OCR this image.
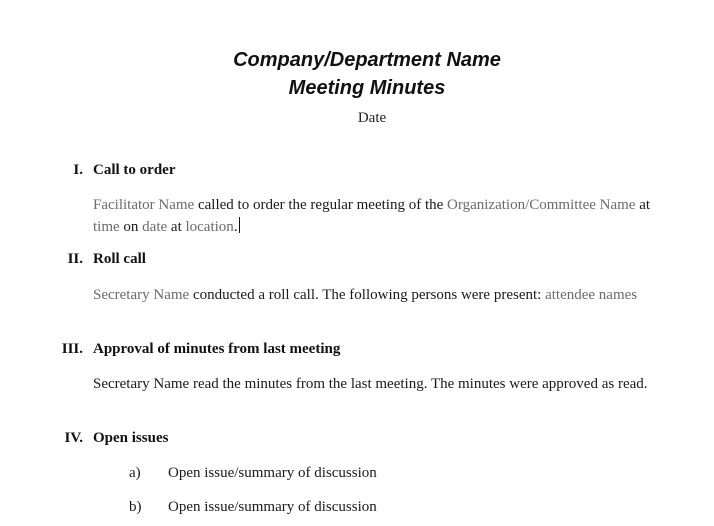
Company/Department Name
Meeting Minutes
Date
I. Call to order
Facilitator Name called to order the regular meeting of the Organization/Committee Name at time on date at location.
II. Roll call
Secretary Name conducted a roll call. The following persons were present: attendee names
III. Approval of minutes from last meeting
Secretary Name read the minutes from the last meeting. The minutes were approved as read.
IV. Open issues
a) Open issue/summary of discussion
b) Open issue/summary of discussion
